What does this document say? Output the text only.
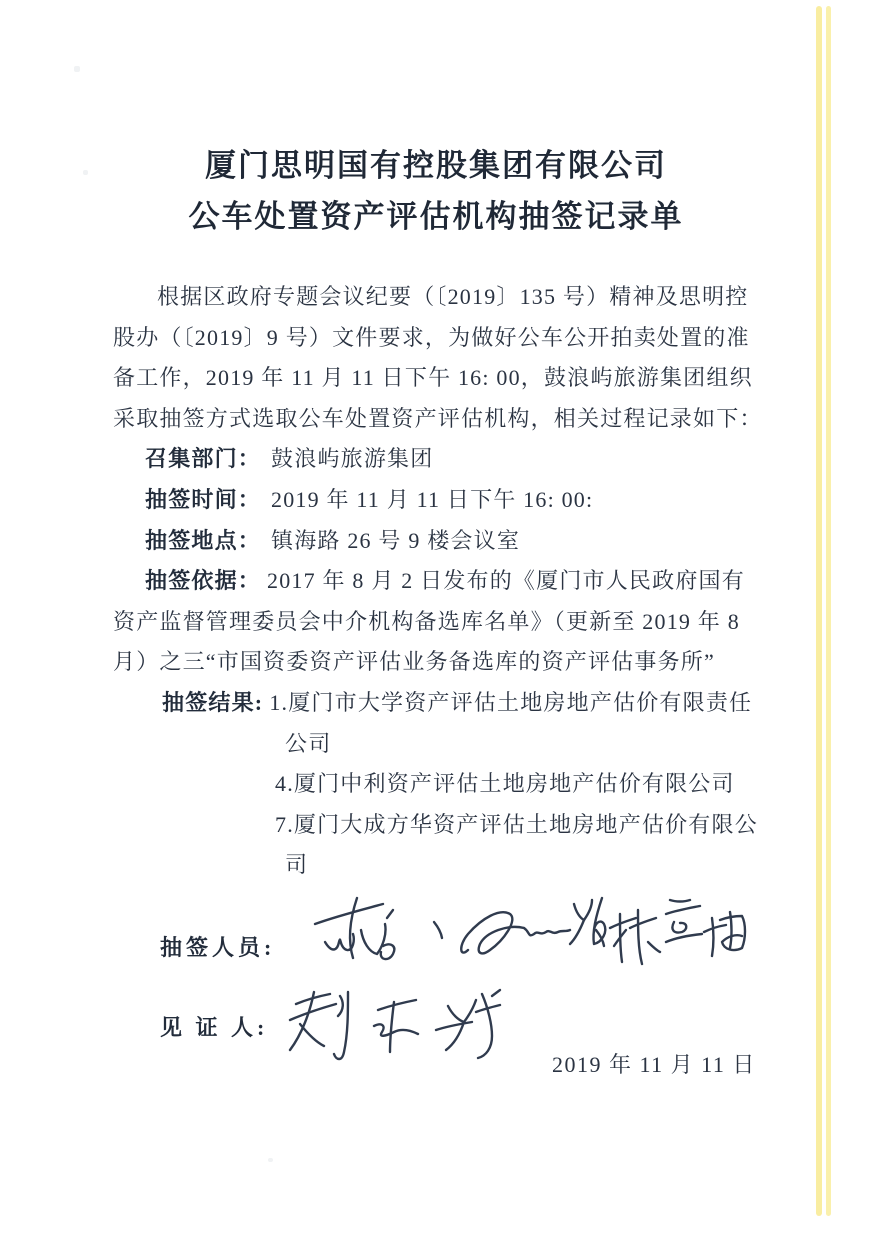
厦门思明国有控股集团有限公司
公车处置资产评估机构抽签记录单
根据区政府专题会议纪要（〔2019〕135 号）精神及思明控
股办（〔2019〕9 号）文件要求，为做好公车公开拍卖处置的准
备工作，2019 年 11 月 11 日下午 16: 00，鼓浪屿旅游集团组织
采取抽签方式选取公车处置资产评估机构，相关过程记录如下：
召集部门： 鼓浪屿旅游集团
抽签时间： 2019 年 11 月 11 日下午 16: 00:
抽签地点： 镇海路 26 号 9 楼会议室
抽签依据： 2017 年 8 月 2 日发布的《厦门市人民政府国有
资产监督管理委员会中介机构备选库名单》（更新至 2019 年 8
月）之三“市国资委资产评估业务备选库的资产评估事务所”
抽签结果: 1.厦门市大学资产评估土地房地产估价有限责任
公司
4.厦门中利资产评估土地房地产估价有限公司
7.厦门大成方华资产评估土地房地产估价有限公
司
抽签人员:
见 证 人:
2019 年 11 月 11 日
